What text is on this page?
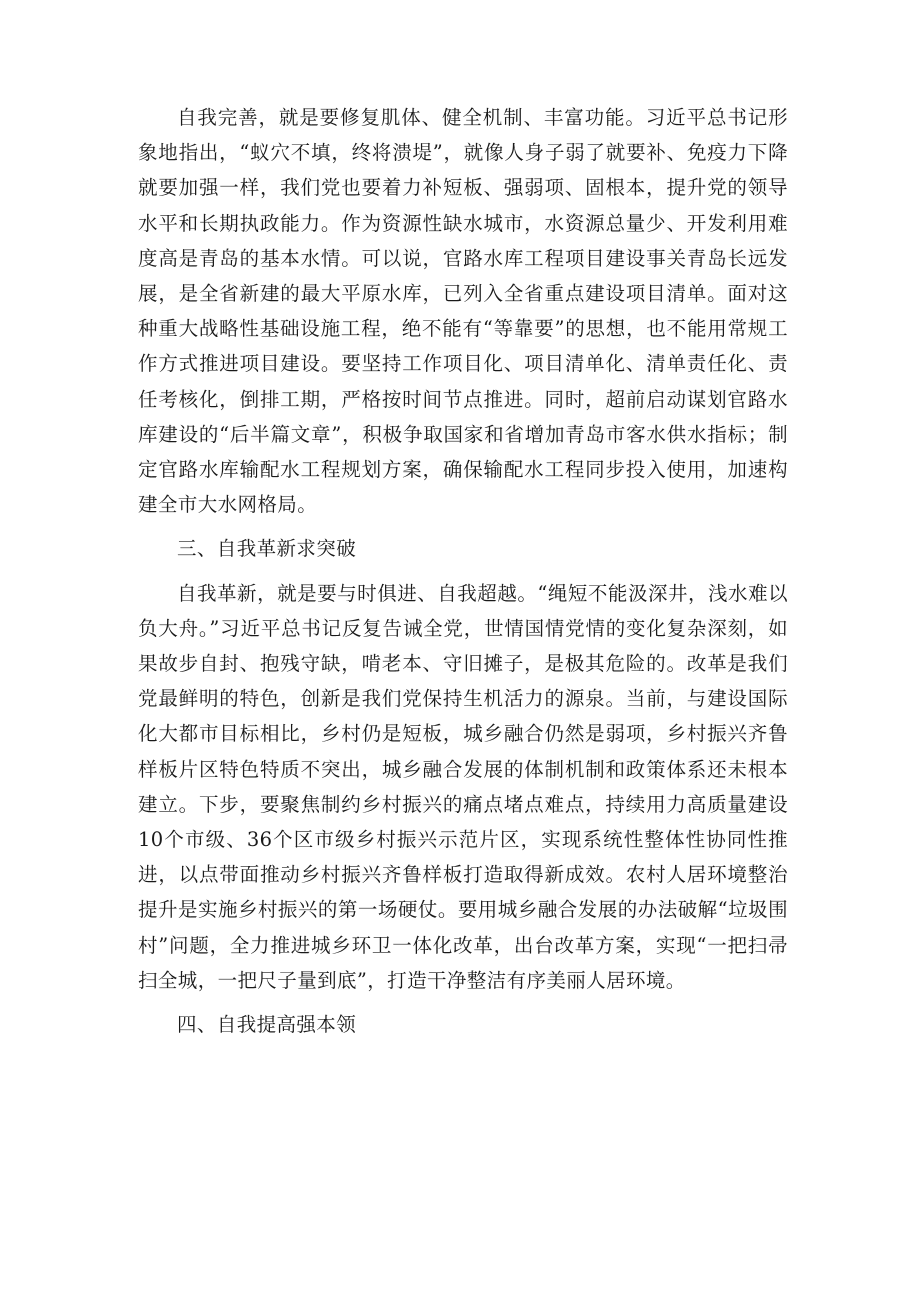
自我完善，就是要修复肌体、健全机制、丰富功能。习近平总书记形象地指出，“蚁穴不填，终将溃堤”，就像人身子弱了就要补、免疫力下降就要加强一样，我们党也要着力补短板、强弱项、固根本，提升党的领导水平和长期执政能力。作为资源性缺水城市，水资源总量少、开发利用难度高是青岛的基本水情。可以说，官路水库工程项目建设事关青岛长远发展，是全省新建的最大平原水库，已列入全省重点建设项目清单。面对这种重大战略性基础设施工程，绝不能有“等靠要”的思想，也不能用常规工作方式推进项目建设。要坚持工作项目化、项目清单化、清单责任化、责任考核化，倒排工期，严格按时间节点推进。同时，超前启动谋划官路水库建设的“后半篇文章”，积极争取国家和省增加青岛市客水供水指标；制定官路水库输配水工程规划方案，确保输配水工程同步投入使用，加速构建全市大水网格局。

三、自我革新求突破

自我革新，就是要与时俱进、自我超越。“绳短不能汲深井，浅水难以负大舟。”习近平总书记反复告诫全党，世情国情党情的变化复杂深刻，如果故步自封、抱残守缺，啃老本、守旧摊子，是极其危险的。改革是我们党最鲜明的特色，创新是我们党保持生机活力的源泉。当前，与建设国际化大都市目标相比，乡村仍是短板，城乡融合仍然是弱项，乡村振兴齐鲁样板片区特色特质不突出，城乡融合发展的体制机制和政策体系还未根本建立。下步，要聚焦制约乡村振兴的痛点堵点难点，持续用力高质量建设10个市级、36个区市级乡村振兴示范片区，实现系统性整体性协同性推进，以点带面推动乡村振兴齐鲁样板打造取得新成效。农村人居环境整治提升是实施乡村振兴的第一场硬仗。要用城乡融合发展的办法破解“垃圾围村”问题，全力推进城乡环卫一体化改革，出台改革方案，实现“一把扫帚扫全城，一把尺子量到底”，打造干净整洁有序美丽人居环境。

四、自我提高强本领
